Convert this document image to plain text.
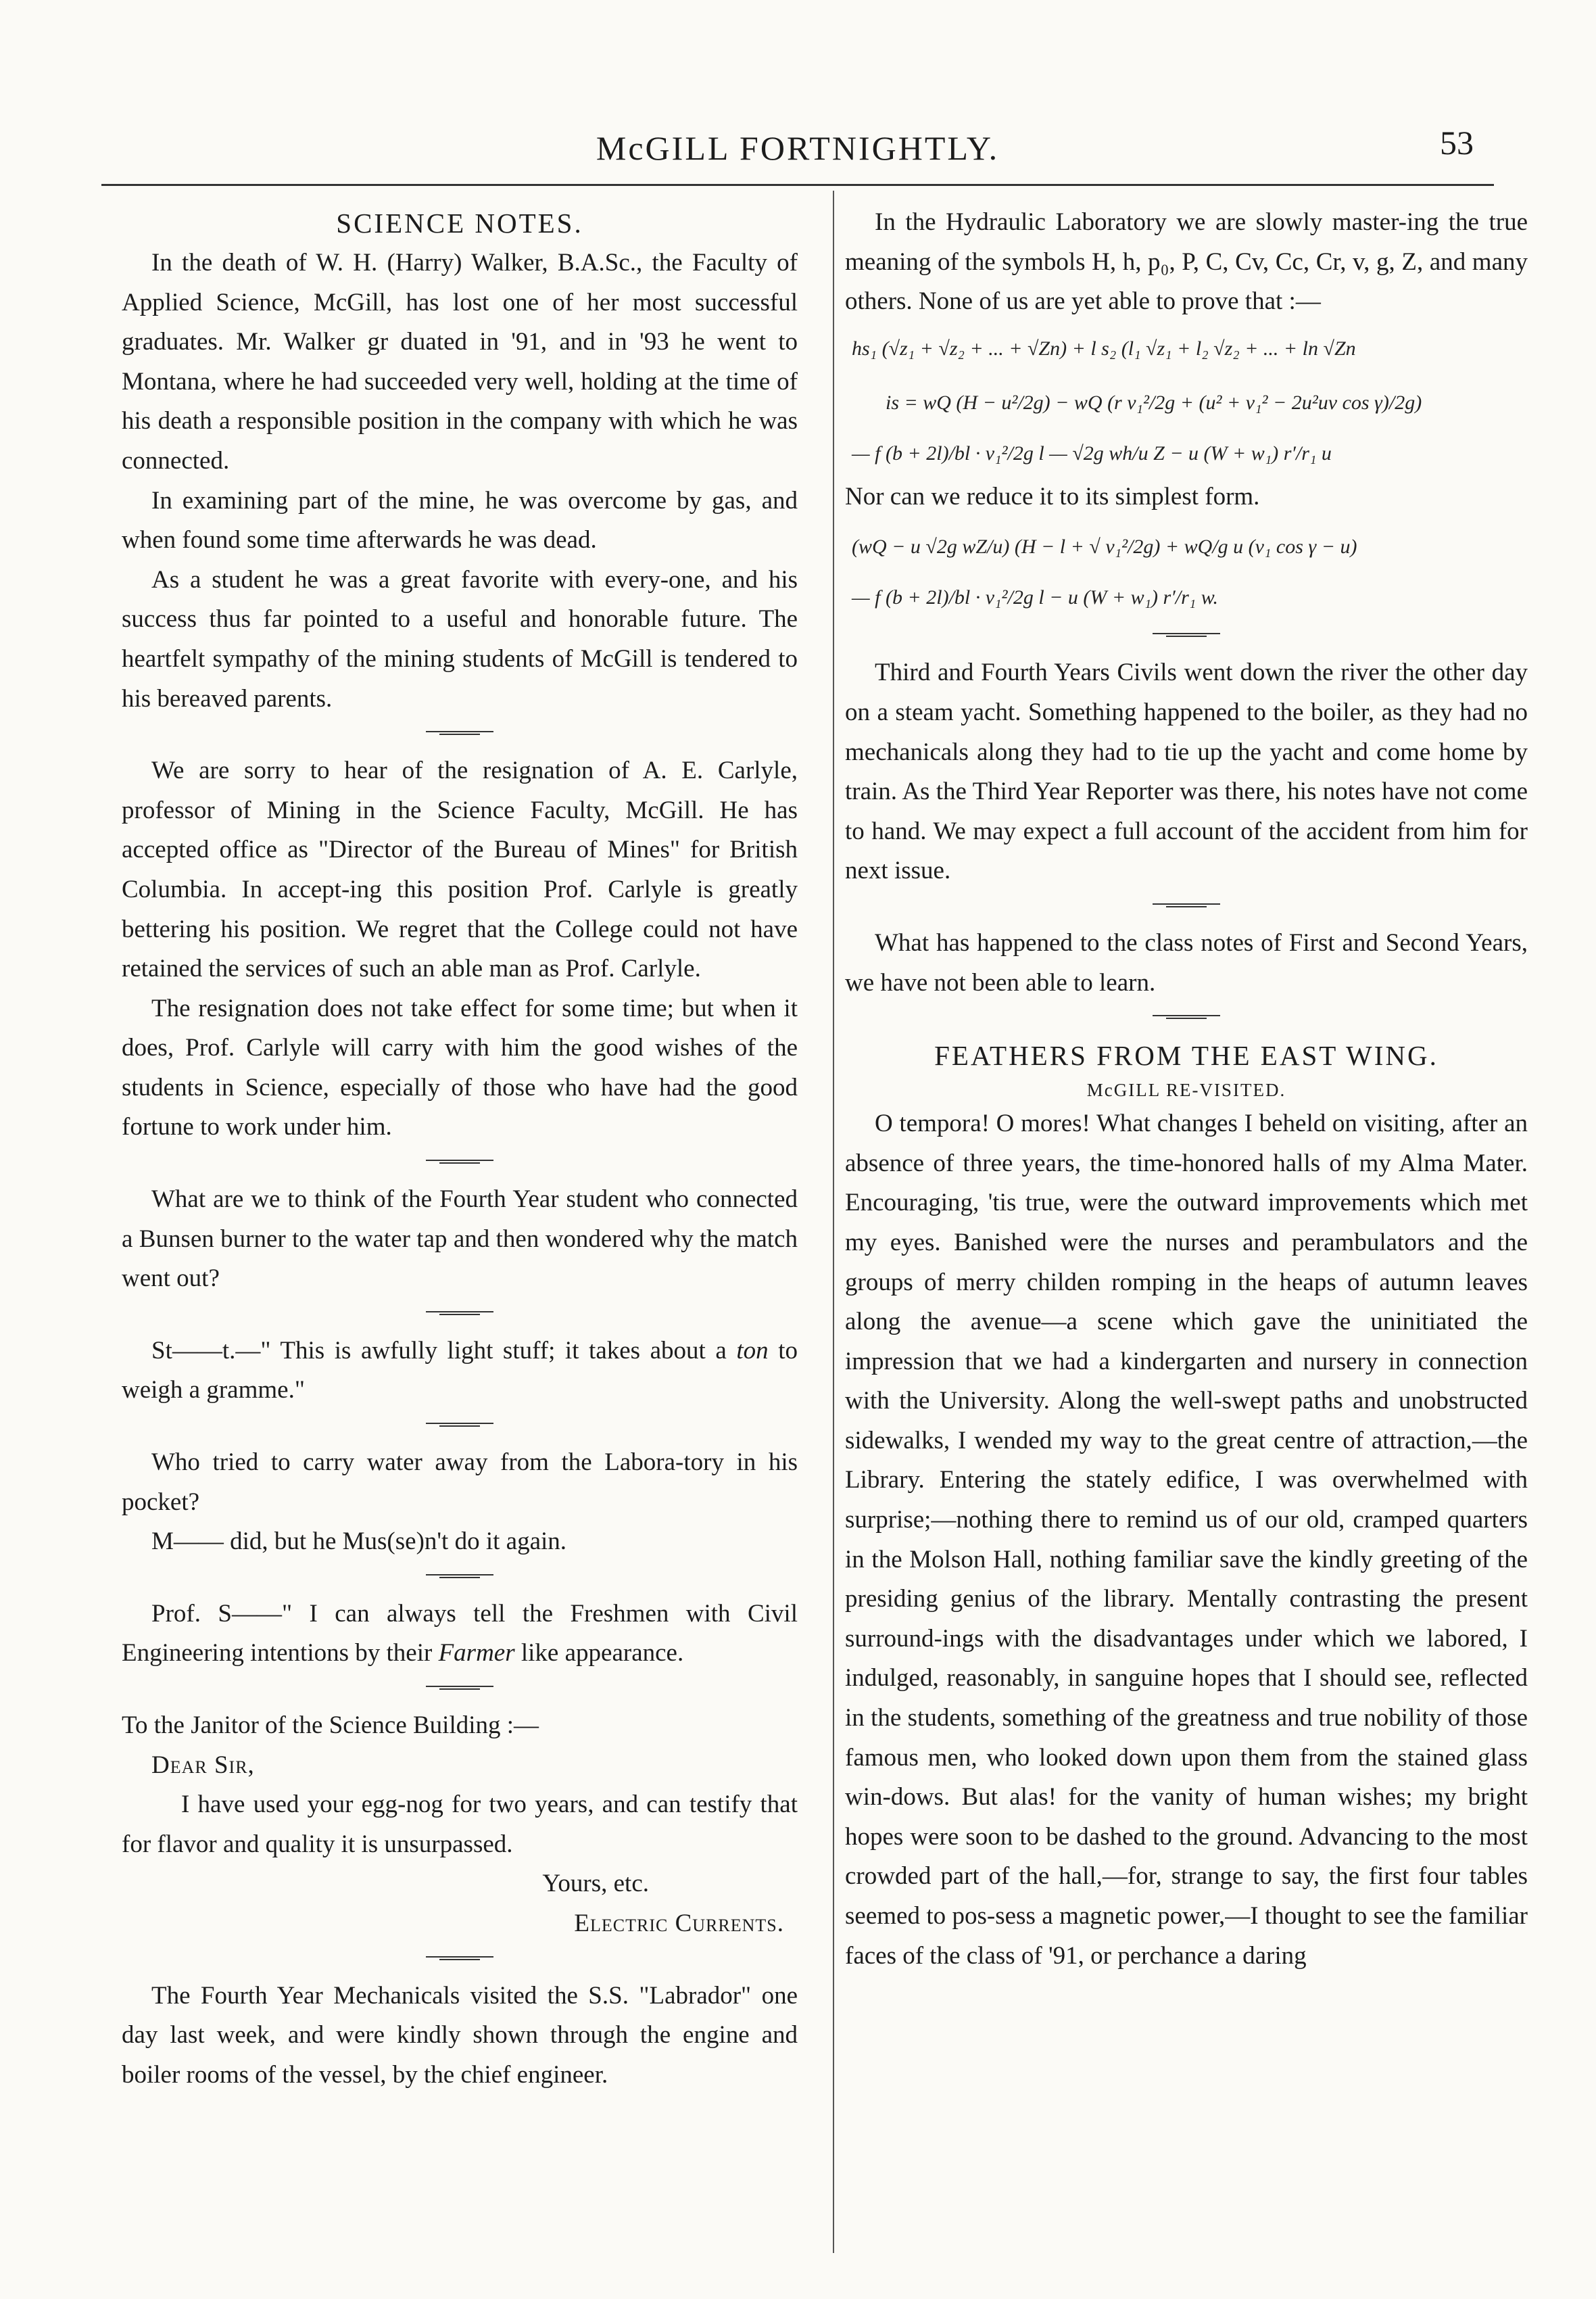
McGILL FORTNIGHTLY.	53
SCIENCE NOTES.

In the death of W. H. (Harry) Walker, B.A.Sc., the Faculty of Applied Science, McGill, has lost one of her most successful graduates. Mr. Walker gr duated in '91, and in '93 he went to Montana, where he had succeeded very well, holding at the time of his death a responsible position in the company with which he was connected.

In examining part of the mine, he was overcome by gas, and when found some time afterwards he was dead.

As a student he was a great favorite with every-one, and his success thus far pointed to a useful and honorable future. The heartfelt sympathy of the mining students of McGill is tendered to his bereaved parents.

We are sorry to hear of the resignation of A. E. Carlyle, professor of Mining in the Science Faculty, McGill. He has accepted office as "Director of the Bureau of Mines" for British Columbia. In accept-ing this position Prof. Carlyle is greatly bettering his position. We regret that the College could not have retained the services of such an able man as Prof. Carlyle.

The resignation does not take effect for some time; but when it does, Prof. Carlyle will carry with him the good wishes of the students in Science, especially of those who have had the good fortune to work under him.

What are we to think of the Fourth Year student who connected a Bunsen burner to the water tap and then wondered why the match went out?

St——t.—" This is awfully light stuff; it takes about a ton to weigh a gramme."

Who tried to carry water away from the Labora-tory in his pocket?

M—— did, but he Mus(se)n't do it again.

Prof. S——" I can always tell the Freshmen with Civil Engineering intentions by their Farmer like appearance.

To the Janitor of the Science Building :—

Dear Sir,

I have used your egg-nog for two years, and can testify that for flavor and quality it is unsurpassed.

Yours, etc.

Electric Currents.

The Fourth Year Mechanicals visited the S.S. "Labrador" one day last week, and were kindly shown through the engine and boiler rooms of the vessel, by the chief engineer.

In the Hydraulic Laboratory we are slowly master-ing the true meaning of the symbols H, h, p₀, P, C, Cv, Cc, Cr, v, g, Z, and many others. None of us are yet able to prove that :—

hs₁ (√z₁ + √z₂ + ... + √Zn) + l s₂ (l₁ √z₁ + l₂ √z₂ + ... + ln √Zn
is = wQ (H − u²/2g) − wQ (r v₁²/2g + (u² + v₁² − 2u²uv cos γ)/2g)
— f (b + 2l)/bl · v₁²/2g l — √2g wh/u Z − u (W + w₁) r′/r₁ u

Nor can we reduce it to its simplest form.

(wQ − u √2g wZ/u) (H − l + √ v₁²/2g) + wQ/g u (v₁ cos γ − u)
— f (b + 2l)/bl · v₁²/2g l − u (W + w₁) r′/r₁ w.

Third and Fourth Years Civils went down the river the other day on a steam yacht. Something happened to the boiler, as they had no mechanicals along they had to tie up the yacht and come home by train. As the Third Year Reporter was there, his notes have not come to hand. We may expect a full account of the accident from him for next issue.

What has happened to the class notes of First and Second Years, we have not been able to learn.

FEATHERS FROM THE EAST WING.
McGILL RE-VISITED.

O tempora! O mores! What changes I beheld on visiting, after an absence of three years, the time-honored halls of my Alma Mater. Encouraging, 'tis true, were the outward improvements which met my eyes. Banished were the nurses and perambulators and the groups of merry childen romping in the heaps of autumn leaves along the avenue—a scene which gave the uninitiated the impression that we had a kindergarten and nursery in connection with the University. Along the well-swept paths and unobstructed sidewalks, I wended my way to the great centre of attraction,—the Library. Entering the stately edifice, I was overwhelmed with surprise;—nothing there to remind us of our old, cramped quarters in the Molson Hall, nothing familiar save the kindly greeting of the presiding genius of the library. Mentally contrasting the present surround-ings with the disadvantages under which we labored, I indulged, reasonably, in sanguine hopes that I should see, reflected in the students, something of the greatness and true nobility of those famous men, who looked down upon them from the stained glass win-dows. But alas! for the vanity of human wishes; my bright hopes were soon to be dashed to the ground. Advancing to the most crowded part of the hall,—for, strange to say, the first four tables seemed to pos-sess a magnetic power,—I thought to see the familiar faces of the class of '91, or perchance a daring
